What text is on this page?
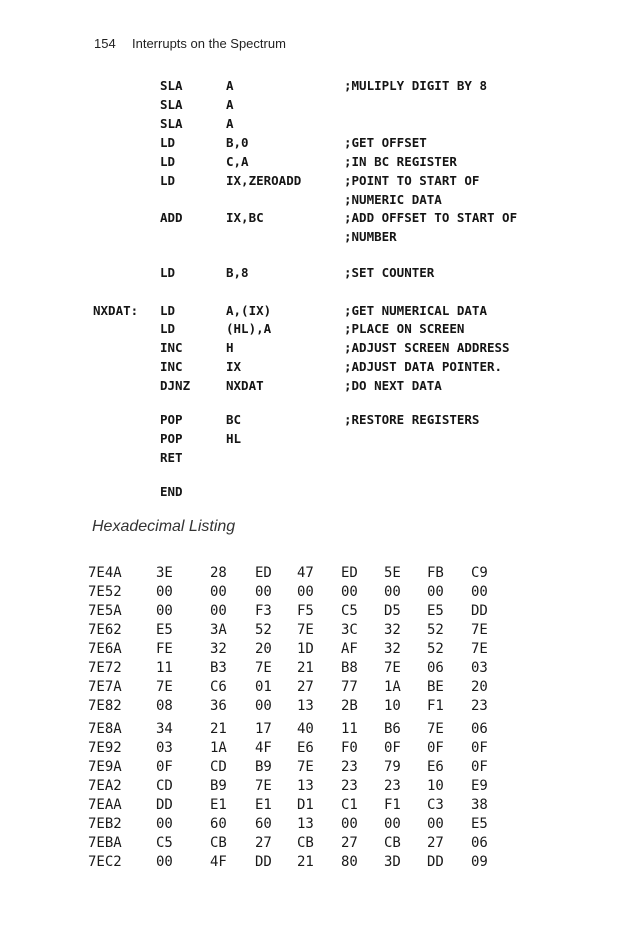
154 Interrupts on the Spectrum
SLA	A	;MULIPLY DIGIT BY 8
SLA	A
SLA	A
LD	B,0	;GET OFFSET
LD	C,A	;IN BC REGISTER
LD	IX,ZEROADD	;POINT TO START OF
;NUMERIC DATA
ADD	IX,BC	;ADD OFFSET TO START OF
;NUMBER
LD	B,8	;SET COUNTER
NXDAT: LD	A,(IX)	;GET NUMERICAL DATA
LD	(HL),A	;PLACE ON SCREEN
INC	H	;ADJUST SCREEN ADDRESS
INC	IX	;ADJUST DATA POINTER.
DJNZ	NXDAT	;DO NEXT DATA
POP	BC	;RESTORE REGISTERS
POP	HL
RET
END
Hexadecimal Listing
7E4A 3E	28 ED 47 ED 5E FB C9
7E52 00	00 00 00 00 00 00 00
7E5A 00	00 F3 F5 C5 D5 E5 DD
7E62 E5	3A 52 7E 3C 32 52 7E
7E6A FE	32 20 1D AF 32 52 7E
7E72 11	B3 7E 21 B8 7E 06 03
7E7A 7E	C6 01 27 77 1A BE 20
7E82 08	36 00 13 2B 10 F1 23
7E8A 34	21 17 40 11 B6 7E 06
7E92 03	1A 4F E6 F0 0F 0F 0F
7E9A 0F	CD B9 7E 23 79 E6 0F
7EA2 CD	B9 7E 13 23 23 10 E9
7EAA DD	E1 E1 D1 C1 F1 C3 38
7EB2 00	60 60 13 00 00 00 E5
7EBA C5	CB 27 CB 27 CB 27 06
7EC2 00	4F DD 21 80 3D DD 09
